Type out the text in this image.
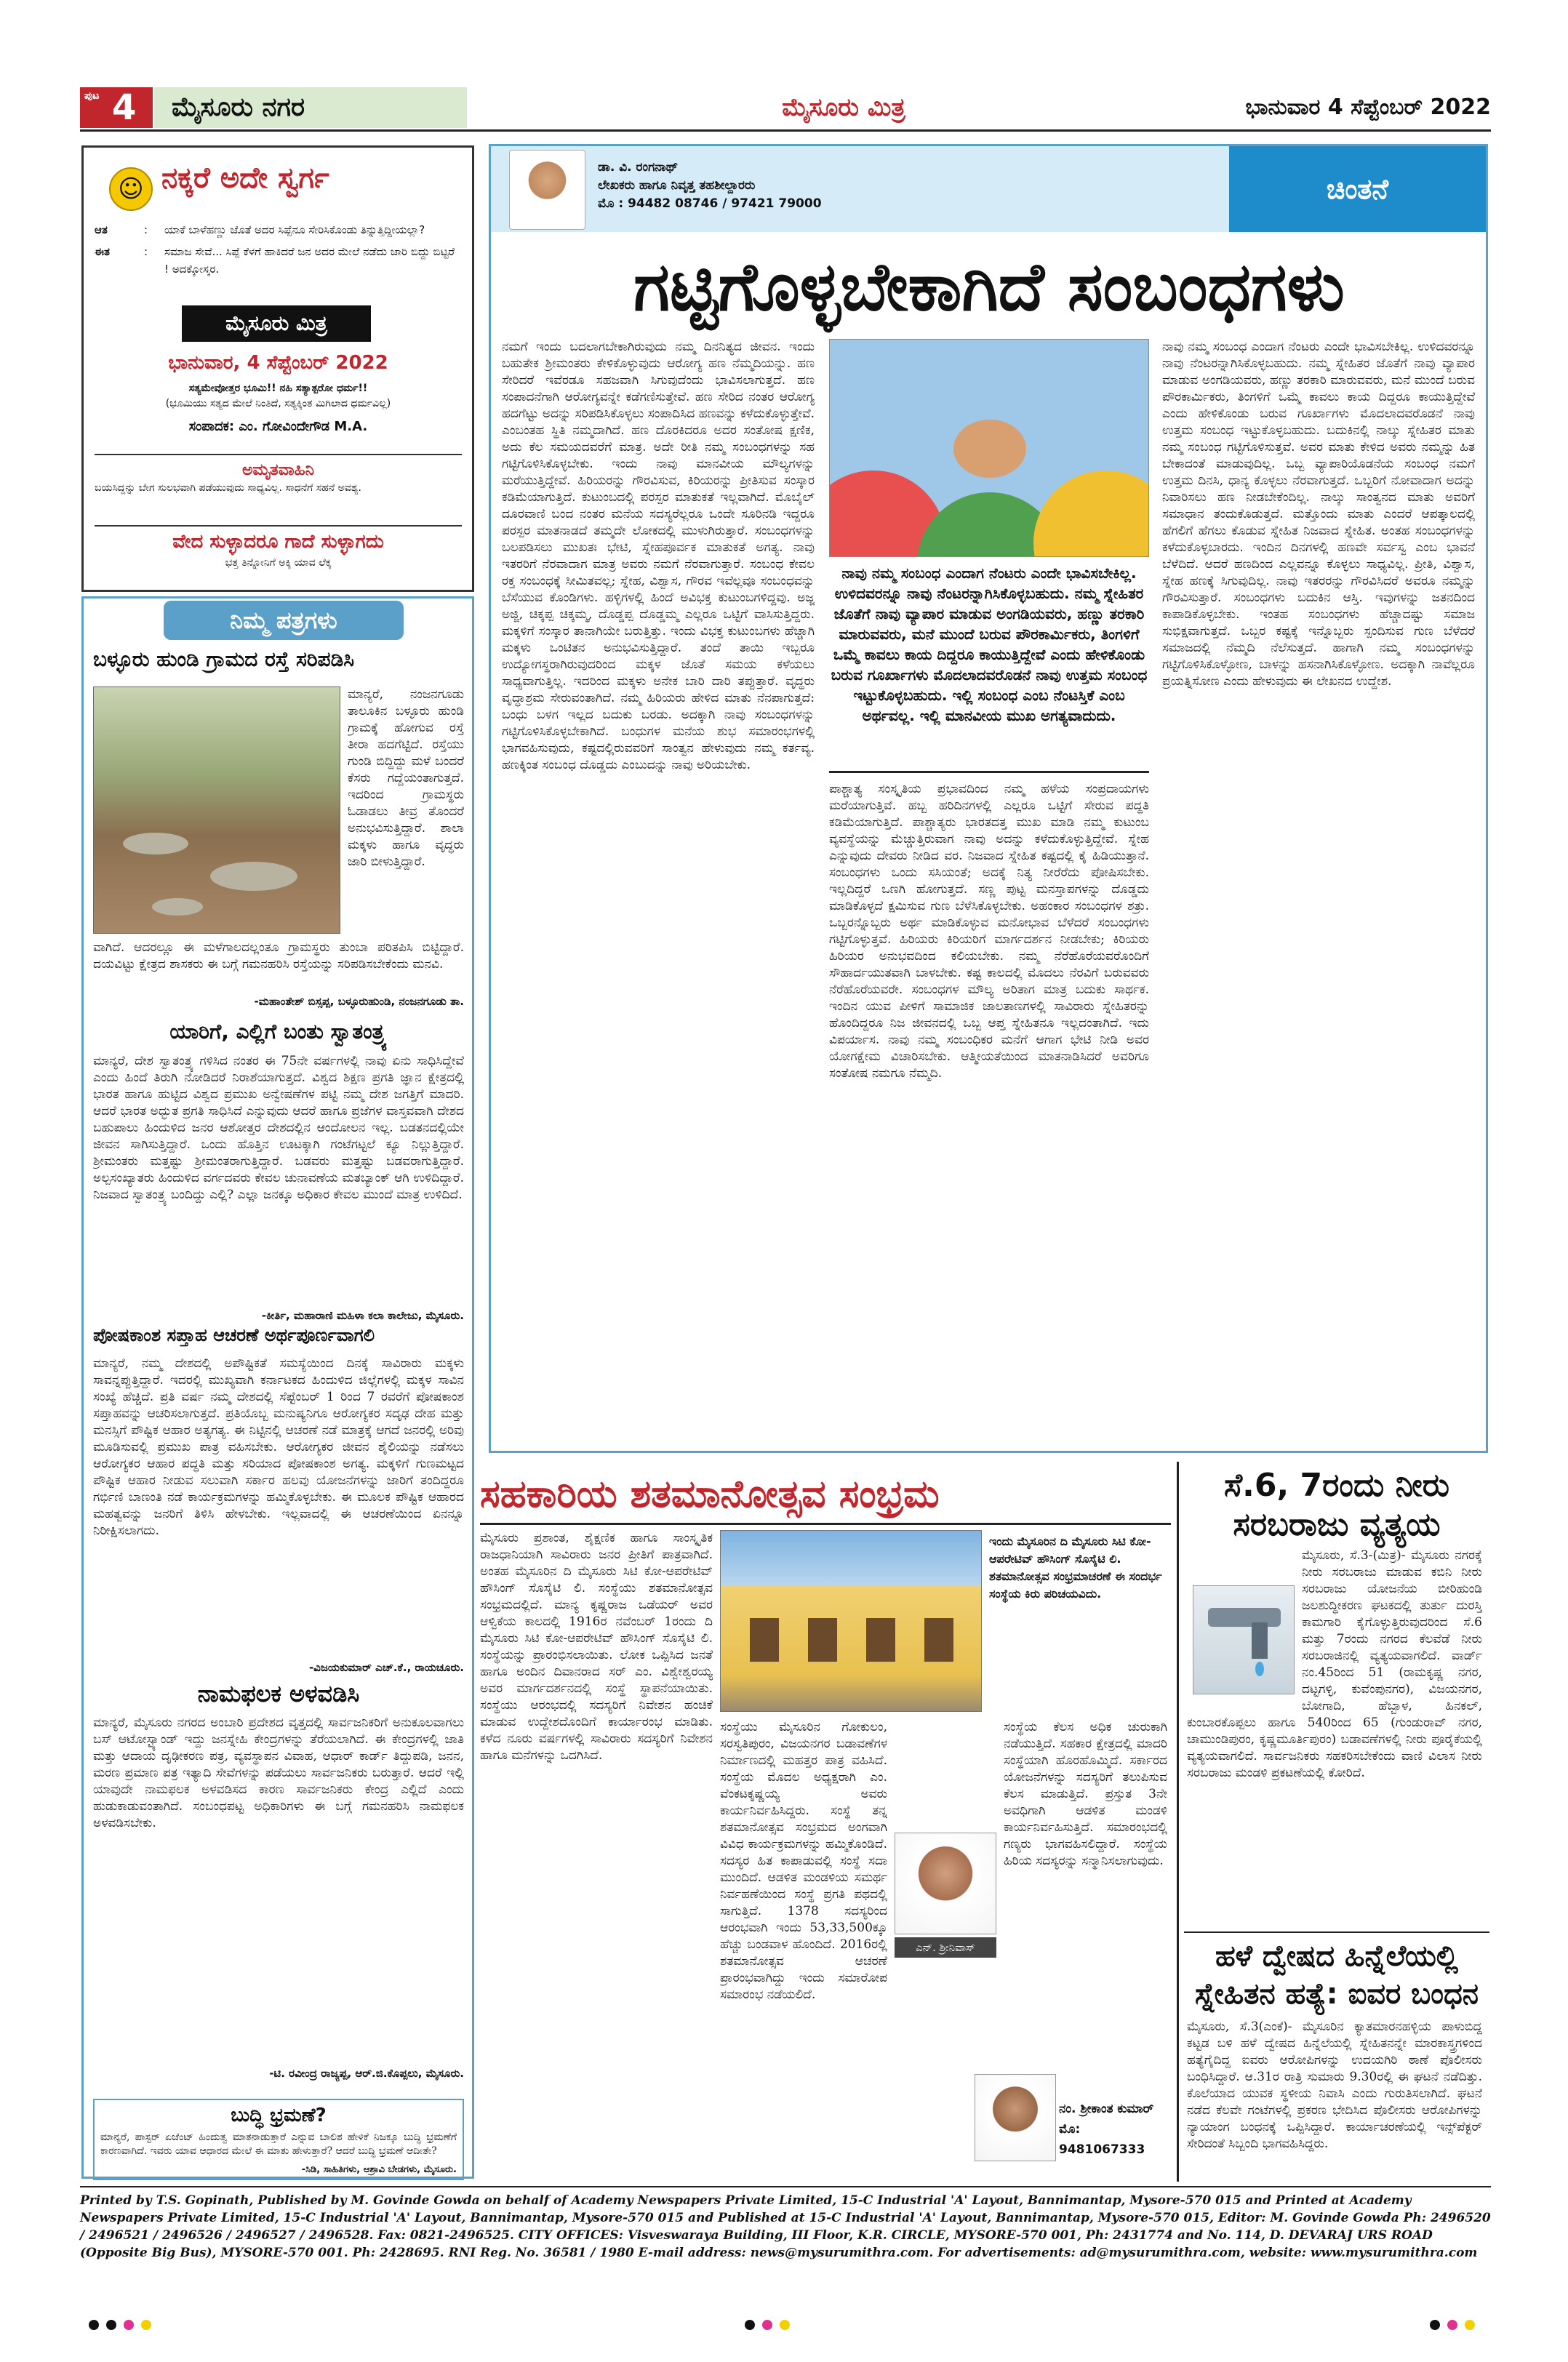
ಪುಟ 4	ಮೈಸೂರು ನಗರ	ಮೈಸೂರು ಮಿತ್ರ	ಭಾನುವಾರ 4 ಸೆಪ್ಟೆಂಬರ್ 2022
☺ ನಕ್ಕರೆ ಅದೇ ಸ್ವರ್ಗ
ಆತ	:	ಯಾಕೆ ಬಾಳೆಹಣ್ಣು ಜೊತೆ ಅದರ ಸಿಪ್ಪೆನೂ ಸೇರಿಸಿಕೊಂಡು ತಿನ್ನುತ್ತಿದ್ದೀಯಲ್ಲಾ?
ಈತ	:	ಸಮಾಜ ಸೇವೆ... ಸಿಪ್ಪೆ ಕೆಳಗೆ ಹಾಕಿದರೆ ಜನ ಅದರ ಮೇಲೆ ನಡೆದು ಜಾರಿ ಬಿದ್ದು ಬಿಟ್ಟರೆ ! ಅದಕ್ಕೋಸ್ಕರ.
ಮೈಸೂರು ಮಿತ್ರ
ಭಾನುವಾರ, 4 ಸೆಪ್ಟೆಂಬರ್ 2022
ಸತ್ಯಮೇವೋತ್ತರ ಭೂಮಿ!! ನಹಿ ಸತ್ಯಾತ್ಪರೋ ಧರ್ಮ!!
(ಭೂಮಿಯು ಸತ್ಯದ ಮೇಲೆ ನಿಂತಿದೆ, ಸತ್ಯಕ್ಕಿಂತ ಮಿಗಿಲಾದ ಧರ್ಮವಿಲ್ಲ)
ಸಂಪಾದಕ: ಎಂ. ಗೋವಿಂದೇಗೌಡ M.A.
ಅಮೃತವಾಹಿನಿ
ಬಯಸಿದ್ದನ್ನು ಬೇಗ ಸುಲಭವಾಗಿ ಪಡೆಯುವುದು ಸಾಧ್ಯವಿಲ್ಲ. ಸಾಧನೆಗೆ ಸಹನೆ ಅವಶ್ಯ.
ವೇದ ಸುಳ್ಳಾದರೂ ಗಾದೆ ಸುಳ್ಳಾಗದು
ಭತ್ತ ತಿನ್ನೋನಿಗೆ ಅಕ್ಕಿ ಯಾವ ಲೆಕ್ಕ
ನಿಮ್ಮ ಪತ್ರಗಳು
ಬಳ್ಳೂರು ಹುಂಡಿ ಗ್ರಾಮದ ರಸ್ತೆ ಸರಿಪಡಿಸಿ
ಮಾನ್ಯರೆ, ನಂಜನಗೂಡು ತಾಲೂಕಿನ ಬಳ್ಳೂರು ಹುಂಡಿ ಗ್ರಾಮಕ್ಕೆ ಹೋಗುವ ರಸ್ತೆ ತೀರಾ ಹದಗೆಟ್ಟಿದೆ. ರಸ್ತೆಯು ಗುಂಡಿ ಬಿದ್ದಿದ್ದು ಮಳೆ ಬಂದರೆ ಕೆಸರು ಗದ್ದೆಯಂತಾಗುತ್ತದೆ. ಇದರಿಂದ ಗ್ರಾಮಸ್ಥರು ಓಡಾಡಲು ತೀವ್ರ ತೊಂದರೆ ಅನುಭವಿಸುತ್ತಿದ್ದಾರೆ. ಶಾಲಾ ಮಕ್ಕಳು ಹಾಗೂ ವೃದ್ಧರು ಜಾರಿ ಬೀಳುತ್ತಿದ್ದಾರೆ.
ವಾಗಿದೆ. ಆದರಲ್ಲೂ ಈ ಮಳೆಗಾಲದಲ್ಲಂತೂ ಗ್ರಾಮಸ್ಥರು ತುಂಬಾ ಪರಿತಪಿಸಿ ಬಿಟ್ಟಿದ್ದಾರೆ. ದಯವಿಟ್ಟು ಕ್ಷೇತ್ರದ ಶಾಸಕರು ಈ ಬಗ್ಗೆ ಗಮನಹರಿಸಿ ರಸ್ತೆಯನ್ನು ಸರಿಪಡಿಸಬೇಕೆಂದು ಮನವಿ.
-ಮಹಾಂತೇಶ್ ಬಿಸ್ಸಪ್ಪ, ಬಳ್ಳೂರುಹುಂಡಿ, ನಂಜನಗೂಡು ತಾ.
ಯಾರಿಗೆ, ಎಲ್ಲಿಗೆ ಬಂತು ಸ್ವಾತಂತ್ರ್ಯ
ಮಾನ್ಯರೆ, ದೇಶ ಸ್ವಾತಂತ್ರ್ಯ ಗಳಿಸಿದ ನಂತರ ಈ 75ನೇ ವರ್ಷಗಳಲ್ಲಿ ನಾವು ಏನು ಸಾಧಿಸಿದ್ದೇವೆ ಎಂದು ಹಿಂದೆ ತಿರುಗಿ ನೋಡಿದರೆ ನಿರಾಶೆಯಾಗುತ್ತದೆ. ವಿಶ್ವದ ಶಿಕ್ಷಣ ಪ್ರಗತಿ ಜ್ಞಾನ ಕ್ಷೇತ್ರದಲ್ಲಿ ಭಾರತ ಹಾಗೂ ಹುಟ್ಟಿದ ವಿಶ್ವದ ಪ್ರಮುಖ ಅನ್ವೇಷಣೆಗಳ ಪಟ್ಟಿ ನಮ್ಮ ದೇಶ ಜಗತ್ತಿಗೆ ಮಾದರಿ. ಆದರೆ ಭಾರತ ಅದ್ಭುತ ಪ್ರಗತಿ ಸಾಧಿಸಿದೆ ಎನ್ನುವುದು ಆದರೆ ಹಾಗೂ ಪ್ರಜೆಗಳ ವಾಸ್ತವವಾಗಿ ದೇಶದ ಬಹುಪಾಲು ಹಿಂದುಳಿದ ಜನರ ಆಶೋತ್ತರ ದೇಶದಲ್ಲಿನ ಆಂದೋಲನ ಇಲ್ಲ. ಬಡತನದಲ್ಲಿಯೇ ಜೀವನ ಸಾಗಿಸುತ್ತಿದ್ದಾರೆ. ಒಂದು ಹೊತ್ತಿನ ಊಟಕ್ಕಾಗಿ ಗಂಟೆಗಟ್ಟಲೆ ಕ್ಯೂ ನಿಲ್ಲುತ್ತಿದ್ದಾರೆ. ಶ್ರೀಮಂತರು ಮತ್ತಷ್ಟು ಶ್ರೀಮಂತರಾಗುತ್ತಿದ್ದಾರೆ. ಬಡವರು ಮತ್ತಷ್ಟು ಬಡವರಾಗುತ್ತಿದ್ದಾರೆ. ಅಲ್ಪಸಂಖ್ಯಾತರು ಹಿಂದುಳಿದ ವರ್ಗದವರು ಕೇವಲ ಚುನಾವಣೆಯ ಮತಬ್ಯಾಂಕ್ ಆಗಿ ಉಳಿದಿದ್ದಾರೆ. ನಿಜವಾದ ಸ್ವಾತಂತ್ರ್ಯ ಬಂದಿದ್ದು ಎಲ್ಲಿ? ಎಲ್ಲಾ ಜನಕ್ಕೂ ಅಧಿಕಾರ ಕೇವಲ ಮುಂದೆ ಮಾತ್ರ ಉಳಿದಿದೆ.
-ಕೀರ್ತಿ, ಮಹಾರಾಣಿ ಮಹಿಳಾ ಕಲಾ ಕಾಲೇಜು, ಮೈಸೂರು.
ಪೋಷಕಾಂಶ ಸಪ್ತಾಹ ಆಚರಣೆ ಅರ್ಥಪೂರ್ಣವಾಗಲಿ
ಮಾನ್ಯರೆ, ನಮ್ಮ ದೇಶದಲ್ಲಿ ಅಪೌಷ್ಟಿಕತೆ ಸಮಸ್ಯೆಯಿಂದ ದಿನಕ್ಕೆ ಸಾವಿರಾರು ಮಕ್ಕಳು ಸಾವನ್ನಪ್ಪುತ್ತಿದ್ದಾರೆ. ಇದರಲ್ಲಿ ಮುಖ್ಯವಾಗಿ ಕರ್ನಾಟಕದ ಹಿಂದುಳಿದ ಜಿಲ್ಲೆಗಳಲ್ಲಿ ಮಕ್ಕಳ ಸಾವಿನ ಸಂಖ್ಯೆ ಹೆಚ್ಚಿದೆ. ಪ್ರತಿ ವರ್ಷ ನಮ್ಮ ದೇಶದಲ್ಲಿ ಸೆಪ್ಟೆಂಬರ್ 1 ರಿಂದ 7 ರವರೆಗೆ ಪೋಷಕಾಂಶ ಸಪ್ತಾಹವನ್ನು ಆಚರಿಸಲಾಗುತ್ತದೆ. ಪ್ರತಿಯೊಬ್ಬ ಮನುಷ್ಯನಿಗೂ ಆರೋಗ್ಯಕರ ಸದೃಢ ದೇಹ ಮತ್ತು ಮನಸ್ಸಿಗೆ ಪೌಷ್ಟಿಕ ಆಹಾರ ಅತ್ಯಗತ್ಯ. ಈ ನಿಟ್ಟಿನಲ್ಲಿ ಆಚರಣೆ ನಡೆ ಮಾತ್ರಕ್ಕೆ ಆಗದೆ ಜನರಲ್ಲಿ ಅರಿವು ಮೂಡಿಸುವಲ್ಲಿ ಪ್ರಮುಖ ಪಾತ್ರ ವಹಿಸಬೇಕು. ಆರೋಗ್ಯಕರ ಜೀವನ ಶೈಲಿಯನ್ನು ನಡೆಸಲು ಆರೋಗ್ಯಕರ ಆಹಾರ ಪದ್ಧತಿ ಮತ್ತು ಸರಿಯಾದ ಪೋಷಕಾಂಶ ಅಗತ್ಯ. ಮಕ್ಕಳಿಗೆ ಗುಣಮಟ್ಟದ ಪೌಷ್ಟಿಕ ಆಹಾರ ನೀಡುವ ಸಲುವಾಗಿ ಸರ್ಕಾರ ಹಲವು ಯೋಜನೆಗಳನ್ನು ಜಾರಿಗೆ ತಂದಿದ್ದರೂ ಗರ್ಭಿಣಿ ಬಾಣಂತಿ ನಡೆ ಕಾರ್ಯಕ್ರಮಗಳನ್ನು ಹಮ್ಮಿಕೊಳ್ಳಬೇಕು. ಈ ಮೂಲಕ ಪೌಷ್ಟಿಕ ಆಹಾರದ ಮಹತ್ವವನ್ನು ಜನರಿಗೆ ತಿಳಿಸಿ ಹೇಳಬೇಕು. ಇಲ್ಲವಾದಲ್ಲಿ ಈ ಆಚರಣೆಯಿಂದ ಏನನ್ನೂ ನಿರೀಕ್ಷಿಸಲಾಗದು.
-ವಿಜಯಕುಮಾರ್ ಎಚ್.ಕೆ., ರಾಯಚೂರು.
ನಾಮಫಲಕ ಅಳವಡಿಸಿ
ಮಾನ್ಯರೆ, ಮೈಸೂರು ನಗರದ ಅಂಬಾರಿ ಪ್ರದೇಶದ ವೃತ್ತದಲ್ಲಿ ಸಾರ್ವಜನಿಕರಿಗೆ ಅನುಕೂಲವಾಗಲು ಬಸ್ ಆಟೋಸ್ಟ್ಯಾಂಡ್ ಇದ್ದು ಜನಸ್ನೇಹಿ ಕೇಂದ್ರಗಳನ್ನು ತೆರೆಯಲಾಗಿದೆ. ಈ ಕೇಂದ್ರಗಳಲ್ಲಿ ಜಾತಿ ಮತ್ತು ಆದಾಯ ದೃಢೀಕರಣ ಪತ್ರ, ವ್ಯವಸ್ಥಾಪನ ವಿವಾಹ, ಆಧಾರ್ ಕಾರ್ಡ್ ತಿದ್ದುಪಡಿ, ಜನನ, ಮರಣ ಪ್ರಮಾಣ ಪತ್ರ ಇತ್ಯಾದಿ ಸೇವೆಗಳನ್ನು ಪಡೆಯಲು ಸಾರ್ವಜನಿಕರು ಬರುತ್ತಾರೆ. ಆದರೆ ಇಲ್ಲಿ ಯಾವುದೇ ನಾಮಫಲಕ ಅಳವಡಿಸದ ಕಾರಣ ಸಾರ್ವಜನಿಕರು ಕೇಂದ್ರ ಎಲ್ಲಿದೆ ಎಂದು ಹುಡುಕಾಡುವಂತಾಗಿದೆ. ಸಂಬಂಧಪಟ್ಟ ಅಧಿಕಾರಿಗಳು ಈ ಬಗ್ಗೆ ಗಮನಹರಿಸಿ ನಾಮಫಲಕ ಅಳವಡಿಸಬೇಕು.
-ಟಿ. ರವೀಂದ್ರ ರಾಜ್ಯಪ್ಪ, ಆರ್.ಜಿ.ಕೊಪ್ಪಲು, ಮೈಸೂರು.
ಬುದ್ಧಿ ಭ್ರಮಣೆ?
ಮಾನ್ಯರೆ, ಪಾಸ್ಟರ್ ಏಜೆಂಟ್ ಹಿಂದುತ್ವ ಮಾತನಾಡುತ್ತಾರೆ ಎನ್ನುವ ಬಾಲಿಶ ಹೇಳಿಕೆ ನಿಜಕ್ಕೂ ಬುದ್ಧಿ ಭ್ರಮಣೆಗೆ ಕಾರಣವಾಗಿದೆ. ಇವರು ಯಾವ ಆಧಾರದ ಮೇಲೆ ಈ ಮಾತು ಹೇಳುತ್ತಾರೆ? ಆದರೆ ಬುದ್ಧಿ ಭ್ರಮಣೆ ಆದೀತೇ?
-ಸಿಡಿ, ಸಾಹಿತಿಗಳು, ಆಶ್ರಾವಿ ಬೇಡಗಳು, ಮೈಸೂರು.
ಡಾ. ವಿ. ರಂಗನಾಥ್
ಲೇಖಕರು ಹಾಗೂ ನಿವೃತ್ತ ತಹಶೀಲ್ದಾರರು
ಮೊ : 94482 08746 / 97421 79000	ಚಿಂತನೆ
ಗಟ್ಟಿಗೊಳ್ಳಬೇಕಾಗಿದೆ ಸಂಬಂಧಗಳು
ನಮಗೆ ಇಂದು ಬದಲಾಗಬೇಕಾಗಿರುವುದು ನಮ್ಮ ದಿನನಿತ್ಯದ ಜೀವನ. ಇಂದು ಬಹುತೇಕ ಶ್ರೀಮಂತರು ಕೇಳಿಕೊಳ್ಳುವುದು ಆರೋಗ್ಯ ಹಣ ನೆಮ್ಮದಿಯನ್ನು. ಹಣ ಸೇರಿದರೆ ಇವೆರಡೂ ಸಹಜವಾಗಿ ಸಿಗುವುದೆಂದು ಭಾವಿಸಲಾಗುತ್ತದೆ. ಹಣ ಸಂಪಾದನೆಗಾಗಿ ಆರೋಗ್ಯವನ್ನೇ ಕಡೆಗಣಿಸುತ್ತೇವೆ. ಹಣ ಸೇರಿದ ನಂತರ ಆರೋಗ್ಯ ಹದಗೆಟ್ಟು ಅದನ್ನು ಸರಿಪಡಿಸಿಕೊಳ್ಳಲು ಸಂಪಾದಿಸಿದ ಹಣವನ್ನು ಕಳೆದುಕೊಳ್ಳುತ್ತೇವೆ. ಎಂಬಂತಹ ಸ್ಥಿತಿ ನಮ್ಮದಾಗಿದೆ. ಹಣ ದೊರಕಿದರೂ ಅದರ ಸಂತೋಷ ಕ್ಷಣಿಕ, ಅದು ಕೆಲ ಸಮಯದವರೆಗೆ ಮಾತ್ರ. ಅದೇ ರೀತಿ ನಮ್ಮ ಸಂಬಂಧಗಳನ್ನು ಸಹ ಗಟ್ಟಿಗೊಳಿಸಿಕೊಳ್ಳಬೇಕು. ಇಂದು ನಾವು ಮಾನವೀಯ ಮೌಲ್ಯಗಳನ್ನು ಮರೆಯುತ್ತಿದ್ದೇವೆ. ಹಿರಿಯರನ್ನು ಗೌರವಿಸುವ, ಕಿರಿಯರನ್ನು ಪ್ರೀತಿಸುವ ಸಂಸ್ಕಾರ ಕಡಿಮೆಯಾಗುತ್ತಿದೆ. ಕುಟುಂಬದಲ್ಲಿ ಪರಸ್ಪರ ಮಾತುಕತೆ ಇಲ್ಲವಾಗಿದೆ. ಮೊಬೈಲ್ ದೂರವಾಣಿ ಬಂದ ನಂತರ ಮನೆಯ ಸದಸ್ಯರೆಲ್ಲರೂ ಒಂದೇ ಸೂರಿನಡಿ ಇದ್ದರೂ ಪರಸ್ಪರ ಮಾತನಾಡದೆ ತಮ್ಮದೇ ಲೋಕದಲ್ಲಿ ಮುಳುಗಿರುತ್ತಾರೆ. ಸಂಬಂಧಗಳನ್ನು ಬಲಪಡಿಸಲು ಮುಖತಃ ಭೇಟಿ, ಸ್ನೇಹಪೂರ್ವಕ ಮಾತುಕತೆ ಅಗತ್ಯ. ನಾವು ಇತರರಿಗೆ ನೆರವಾದಾಗ ಮಾತ್ರ ಅವರು ನಮಗೆ ನೆರವಾಗುತ್ತಾರೆ. ಸಂಬಂಧ ಕೇವಲ ರಕ್ತ ಸಂಬಂಧಕ್ಕೆ ಸೀಮಿತವಲ್ಲ; ಸ್ನೇಹ, ವಿಶ್ವಾಸ, ಗೌರವ ಇವೆಲ್ಲವೂ ಸಂಬಂಧವನ್ನು ಬೆಸೆಯುವ ಕೊಂಡಿಗಳು. ಹಳ್ಳಿಗಳಲ್ಲಿ ಹಿಂದೆ ಅವಿಭಕ್ತ ಕುಟುಂಬಗಳಿದ್ದವು. ಅಜ್ಜ ಅಜ್ಜಿ, ಚಿಕ್ಕಪ್ಪ ಚಿಕ್ಕಮ್ಮ, ದೊಡ್ಡಪ್ಪ ದೊಡ್ಡಮ್ಮ ಎಲ್ಲರೂ ಒಟ್ಟಿಗೆ ವಾಸಿಸುತ್ತಿದ್ದರು. ಮಕ್ಕಳಿಗೆ ಸಂಸ್ಕಾರ ತಾನಾಗಿಯೇ ಬರುತ್ತಿತ್ತು. ಇಂದು ವಿಭಕ್ತ ಕುಟುಂಬಗಳು ಹೆಚ್ಚಾಗಿ ಮಕ್ಕಳು ಒಂಟಿತನ ಅನುಭವಿಸುತ್ತಿದ್ದಾರೆ. ತಂದೆ ತಾಯಿ ಇಬ್ಬರೂ ಉದ್ಯೋಗಸ್ಥರಾಗಿರುವುದರಿಂದ ಮಕ್ಕಳ ಜೊತೆ ಸಮಯ ಕಳೆಯಲು ಸಾಧ್ಯವಾಗುತ್ತಿಲ್ಲ. ಇದರಿಂದ ಮಕ್ಕಳು ಅನೇಕ ಬಾರಿ ದಾರಿ ತಪ್ಪುತ್ತಾರೆ. ವೃದ್ಧರು ವೃದ್ಧಾಶ್ರಮ ಸೇರುವಂತಾಗಿದೆ. ನಮ್ಮ ಹಿರಿಯರು ಹೇಳಿದ ಮಾತು ನೆನಪಾಗುತ್ತದೆ: ಬಂಧು ಬಳಗ ಇಲ್ಲದ ಬದುಕು ಬರಡು. ಅದಕ್ಕಾಗಿ ನಾವು ಸಂಬಂಧಗಳನ್ನು ಗಟ್ಟಿಗೊಳಿಸಿಕೊಳ್ಳಬೇಕಾಗಿದೆ. ಬಂಧುಗಳ ಮನೆಯ ಶುಭ ಸಮಾರಂಭಗಳಲ್ಲಿ ಭಾಗವಹಿಸುವುದು, ಕಷ್ಟದಲ್ಲಿರುವವರಿಗೆ ಸಾಂತ್ವನ ಹೇಳುವುದು ನಮ್ಮ ಕರ್ತವ್ಯ. ಹಣಕ್ಕಿಂತ ಸಂಬಂಧ ದೊಡ್ಡದು ಎಂಬುದನ್ನು ನಾವು ಅರಿಯಬೇಕು.
ನಾವು ನಮ್ಮ ಸಂಬಂಧ ಎಂದಾಗ ನೆಂಟರು ಎಂದೇ ಭಾವಿಸಬೇಕಿಲ್ಲ. ಉಳಿದವರನ್ನೂ ನಾವು ನೆಂಟರನ್ನಾಗಿಸಿಕೊಳ್ಳಬಹುದು. ನಮ್ಮ ಸ್ನೇಹಿತರ ಜೊತೆಗೆ ನಾವು ವ್ಯಾಪಾರ ಮಾಡುವ ಅಂಗಡಿಯವರು, ಹಣ್ಣು ತರಕಾರಿ ಮಾರುವವರು, ಮನೆ ಮುಂದೆ ಬರುವ ಪೌರಕಾರ್ಮಿಕರು, ತಿಂಗಳಿಗೆ ಒಮ್ಮೆ ಕಾವಲು ಕಾಯ ದಿದ್ದರೂ ಕಾಯುತ್ತಿದ್ದೇವೆ ಎಂದು ಹೇಳಿಕೊಂಡು ಬರುವ ಗೂರ್ಖಾಗಳು ಮೊದಲಾದವರೊಡನೆ ನಾವು ಉತ್ತಮ ಸಂಬಂಧ ಇಟ್ಟುಕೊಳ್ಳಬಹುದು. ಇಲ್ಲಿ ಸಂಬಂಧ ಎಂಬ ನೆಂಟಸ್ತಿಕೆ ಎಂಬ ಅರ್ಥವಲ್ಲ. ಇಲ್ಲಿ ಮಾನವೀಯ ಮುಖ ಅಗತ್ಯವಾದುದು.
ಪಾಶ್ಚಾತ್ಯ ಸಂಸ್ಕೃತಿಯ ಪ್ರಭಾವದಿಂದ ನಮ್ಮ ಹಳೆಯ ಸಂಪ್ರದಾಯಗಳು ಮರೆಯಾಗುತ್ತಿವೆ. ಹಬ್ಬ ಹರಿದಿನಗಳಲ್ಲಿ ಎಲ್ಲರೂ ಒಟ್ಟಿಗೆ ಸೇರುವ ಪದ್ಧತಿ ಕಡಿಮೆಯಾಗುತ್ತಿದೆ. ಪಾಶ್ಚಾತ್ಯರು ಭಾರತದತ್ತ ಮುಖ ಮಾಡಿ ನಮ್ಮ ಕುಟುಂಬ ವ್ಯವಸ್ಥೆಯನ್ನು ಮೆಚ್ಚುತ್ತಿರುವಾಗ ನಾವು ಅದನ್ನು ಕಳೆದುಕೊಳ್ಳುತ್ತಿದ್ದೇವೆ. ಸ್ನೇಹ ಎನ್ನುವುದು ದೇವರು ನೀಡಿದ ವರ. ನಿಜವಾದ ಸ್ನೇಹಿತ ಕಷ್ಟದಲ್ಲಿ ಕೈ ಹಿಡಿಯುತ್ತಾನೆ. ಸಂಬಂಧಗಳು ಒಂದು ಸಸಿಯಂತೆ; ಅದಕ್ಕೆ ನಿತ್ಯ ನೀರೆರೆದು ಪೋಷಿಸಬೇಕು. ಇಲ್ಲದಿದ್ದರೆ ಒಣಗಿ ಹೋಗುತ್ತದೆ. ಸಣ್ಣ ಪುಟ್ಟ ಮನಸ್ತಾಪಗಳನ್ನು ದೊಡ್ಡದು ಮಾಡಿಕೊಳ್ಳದೆ ಕ್ಷಮಿಸುವ ಗುಣ ಬೆಳೆಸಿಕೊಳ್ಳಬೇಕು. ಅಹಂಕಾರ ಸಂಬಂಧಗಳ ಶತ್ರು. ಒಬ್ಬರನ್ನೊಬ್ಬರು ಅರ್ಥ ಮಾಡಿಕೊಳ್ಳುವ ಮನೋಭಾವ ಬೆಳೆದರೆ ಸಂಬಂಧಗಳು ಗಟ್ಟಿಗೊಳ್ಳುತ್ತವೆ. ಹಿರಿಯರು ಕಿರಿಯರಿಗೆ ಮಾರ್ಗದರ್ಶನ ನೀಡಬೇಕು; ಕಿರಿಯರು ಹಿರಿಯರ ಅನುಭವದಿಂದ ಕಲಿಯಬೇಕು. ನಮ್ಮ ನೆರೆಹೊರೆಯವರೊಂದಿಗೆ ಸೌಹಾರ್ದಯುತವಾಗಿ ಬಾಳಬೇಕು. ಕಷ್ಟ ಕಾಲದಲ್ಲಿ ಮೊದಲು ನೆರವಿಗೆ ಬರುವವರು ನೆರೆಹೊರೆಯವರೇ. ಸಂಬಂಧಗಳ ಮೌಲ್ಯ ಅರಿತಾಗ ಮಾತ್ರ ಬದುಕು ಸಾರ್ಥಕ. ಇಂದಿನ ಯುವ ಪೀಳಿಗೆ ಸಾಮಾಜಿಕ ಜಾಲತಾಣಗಳಲ್ಲಿ ಸಾವಿರಾರು ಸ್ನೇಹಿತರನ್ನು ಹೊಂದಿದ್ದರೂ ನಿಜ ಜೀವನದಲ್ಲಿ ಒಬ್ಬ ಆಪ್ತ ಸ್ನೇಹಿತನೂ ಇಲ್ಲದಂತಾಗಿದೆ. ಇದು ವಿಪರ್ಯಾಸ. ನಾವು ನಮ್ಮ ಸಂಬಂಧಿಕರ ಮನೆಗೆ ಆಗಾಗ ಭೇಟಿ ನೀಡಿ ಅವರ ಯೋಗಕ್ಷೇಮ ವಿಚಾರಿಸಬೇಕು. ಆತ್ಮೀಯತೆಯಿಂದ ಮಾತನಾಡಿಸಿದರೆ ಅವರಿಗೂ ಸಂತೋಷ ನಮಗೂ ನೆಮ್ಮದಿ.
ನಾವು ನಮ್ಮ ಸಂಬಂಧ ಎಂದಾಗ ನೆಂಟರು ಎಂದೇ ಭಾವಿಸಬೇಕಿಲ್ಲ. ಉಳಿದವರನ್ನೂ ನಾವು ನೆಂಟರನ್ನಾಗಿಸಿಕೊಳ್ಳಬಹುದು. ನಮ್ಮ ಸ್ನೇಹಿತರ ಜೊತೆಗೆ ನಾವು ವ್ಯಾಪಾರ ಮಾಡುವ ಅಂಗಡಿಯವರು, ಹಣ್ಣು ತರಕಾರಿ ಮಾರುವವರು, ಮನೆ ಮುಂದೆ ಬರುವ ಪೌರಕಾರ್ಮಿಕರು, ತಿಂಗಳಿಗೆ ಒಮ್ಮೆ ಕಾವಲು ಕಾಯ ದಿದ್ದರೂ ಕಾಯುತ್ತಿದ್ದೇವೆ ಎಂದು ಹೇಳಿಕೊಂಡು ಬರುವ ಗೂರ್ಖಾಗಳು ಮೊದಲಾದವರೊಡನೆ ನಾವು ಉತ್ತಮ ಸಂಬಂಧ ಇಟ್ಟುಕೊಳ್ಳಬಹುದು. ಬದುಕಿನಲ್ಲಿ ನಾಲ್ಕು ಸ್ನೇಹಿತರ ಮಾತು ನಮ್ಮ ಸಂಬಂಧ ಗಟ್ಟಿಗೊಳಿಸುತ್ತವೆ. ಅವರ ಮಾತು ಕೇಳಿದ ಅವರು ನಮ್ಮನ್ನು ಹಿತ ಬೇಕಾದಂತೆ ಮಾಡುವುದಿಲ್ಲ. ಒಬ್ಬ ವ್ಯಾಪಾರಿಯೊಡನೆಯ ಸಂಬಂಧ ನಮಗೆ ಉತ್ತಮ ದಿನಸಿ, ಧಾನ್ಯ ಕೊಳ್ಳಲು ನೆರವಾಗುತ್ತದೆ. ಒಬ್ಬರಿಗೆ ನೋವಾದಾಗ ಅದನ್ನು ನಿವಾರಿಸಲು ಹಣ ನೀಡಬೇಕೆಂದಿಲ್ಲ. ನಾಲ್ಕು ಸಾಂತ್ವನದ ಮಾತು ಅವರಿಗೆ ಸಮಾಧಾನ ತಂದುಕೊಡುತ್ತದೆ. ಮತ್ತೊಂದು ಮಾತು ಎಂದರೆ ಆಪತ್ಕಾಲದಲ್ಲಿ ಹೆಗಲಿಗೆ ಹೆಗಲು ಕೊಡುವ ಸ್ನೇಹಿತ ನಿಜವಾದ ಸ್ನೇಹಿತ. ಅಂತಹ ಸಂಬಂಧಗಳನ್ನು ಕಳೆದುಕೊಳ್ಳಬಾರದು. ಇಂದಿನ ದಿನಗಳಲ್ಲಿ ಹಣವೇ ಸರ್ವಸ್ವ ಎಂಬ ಭಾವನೆ ಬೆಳೆದಿದೆ. ಆದರೆ ಹಣದಿಂದ ಎಲ್ಲವನ್ನೂ ಕೊಳ್ಳಲು ಸಾಧ್ಯವಿಲ್ಲ. ಪ್ರೀತಿ, ವಿಶ್ವಾಸ, ಸ್ನೇಹ ಹಣಕ್ಕೆ ಸಿಗುವುದಿಲ್ಲ. ನಾವು ಇತರರನ್ನು ಗೌರವಿಸಿದರೆ ಅವರೂ ನಮ್ಮನ್ನು ಗೌರವಿಸುತ್ತಾರೆ. ಸಂಬಂಧಗಳು ಬದುಕಿನ ಆಸ್ತಿ. ಇವುಗಳನ್ನು ಜತನದಿಂದ ಕಾಪಾಡಿಕೊಳ್ಳಬೇಕು. ಇಂತಹ ಸಂಬಂಧಗಳು ಹೆಚ್ಚಾದಷ್ಟು ಸಮಾಜ ಸುಭಿಕ್ಷವಾಗುತ್ತದೆ. ಒಬ್ಬರ ಕಷ್ಟಕ್ಕೆ ಇನ್ನೊಬ್ಬರು ಸ್ಪಂದಿಸುವ ಗುಣ ಬೆಳೆದರೆ ಸಮಾಜದಲ್ಲಿ ನೆಮ್ಮದಿ ನೆಲೆಸುತ್ತದೆ. ಹಾಗಾಗಿ ನಮ್ಮ ಸಂಬಂಧಗಳನ್ನು ಗಟ್ಟಿಗೊಳಿಸಿಕೊಳ್ಳೋಣ, ಬಾಳನ್ನು ಹಸನಾಗಿಸಿಕೊಳ್ಳೋಣ. ಅದಕ್ಕಾಗಿ ನಾವೆಲ್ಲರೂ ಪ್ರಯತ್ನಿಸೋಣ ಎಂದು ಹೇಳುವುದು ಈ ಲೇಖನದ ಉದ್ದೇಶ.
ಸಹಕಾರಿಯ ಶತಮಾನೋತ್ಸವ ಸಂಭ್ರಮ
ಮೈಸೂರು ಪ್ರಶಾಂತ, ಶೈಕ್ಷಣಿಕ ಹಾಗೂ ಸಾಂಸ್ಕೃತಿಕ ರಾಜಧಾನಿಯಾಗಿ ಸಾವಿರಾರು ಜನರ ಪ್ರೀತಿಗೆ ಪಾತ್ರವಾಗಿದೆ. ಅಂತಹ ಮೈಸೂರಿನ ದಿ ಮೈಸೂರು ಸಿಟಿ ಕೋ-ಆಪರೇಟಿವ್ ಹೌಸಿಂಗ್ ಸೊಸೈಟಿ ಲಿ. ಸಂಸ್ಥೆಯು ಶತಮಾನೋತ್ಸವ ಸಂಭ್ರಮದಲ್ಲಿದೆ. ಮಾನ್ಯ ಕೃಷ್ಣರಾಜ ಒಡೆಯರ್ ಅವರ ಆಳ್ವಿಕೆಯ ಕಾಲದಲ್ಲಿ 1916ರ ನವೆಂಬರ್ 1ರಂದು ದಿ ಮೈಸೂರು ಸಿಟಿ ಕೋ-ಆಪರೇಟಿವ್ ಹೌಸಿಂಗ್ ಸೊಸೈಟಿ ಲಿ. ಸಂಸ್ಥೆಯನ್ನು ಪ್ರಾರಂಭಿಸಲಾಯಿತು. ಲೋಕ ಒಪ್ಪಿಸಿದ ಜನತೆ ಹಾಗೂ ಅಂದಿನ ದಿವಾನರಾದ ಸರ್ ಎಂ. ವಿಶ್ವೇಶ್ವರಯ್ಯ ಅವರ ಮಾರ್ಗದರ್ಶನದಲ್ಲಿ ಸಂಸ್ಥೆ ಸ್ಥಾಪನೆಯಾಯಿತು. ಸಂಸ್ಥೆಯು ಆರಂಭದಲ್ಲಿ ಸದಸ್ಯರಿಗೆ ನಿವೇಶನ ಹಂಚಿಕೆ ಮಾಡುವ ಉದ್ದೇಶದೊಂದಿಗೆ ಕಾರ್ಯಾರಂಭ ಮಾಡಿತು. ಕಳೆದ ನೂರು ವರ್ಷಗಳಲ್ಲಿ ಸಾವಿರಾರು ಸದಸ್ಯರಿಗೆ ನಿವೇಶನ ಹಾಗೂ ಮನೆಗಳನ್ನು ಒದಗಿಸಿದೆ.
ಇಂದು ಮೈಸೂರಿನ ದಿ ಮೈಸೂರು ಸಿಟಿ ಕೋ-ಆಪರೇಟಿವ್ ಹೌಸಿಂಗ್ ಸೊಸೈಟಿ ಲಿ. ಶತಮಾನೋತ್ಸವ ಸಂಭ್ರಮಾಚರಣೆ ಈ ಸಂದರ್ಭ ಸಂಸ್ಥೆಯ ಕಿರು ಪರಿಚಯವಿದು.
ಸಂಸ್ಥೆಯು ಮೈಸೂರಿನ ಗೋಕುಲಂ, ಸರಸ್ವತಿಪುರಂ, ವಿಜಯನಗರ ಬಡಾವಣೆಗಳ ನಿರ್ಮಾಣದಲ್ಲಿ ಮಹತ್ತರ ಪಾತ್ರ ವಹಿಸಿದೆ. ಸಂಸ್ಥೆಯ ಮೊದಲ ಅಧ್ಯಕ್ಷರಾಗಿ ಎಂ. ವೆಂಕಟಕೃಷ್ಣಯ್ಯ ಅವರು ಕಾರ್ಯನಿರ್ವಹಿಸಿದ್ದರು. ಸಂಸ್ಥೆ ತನ್ನ ಶತಮಾನೋತ್ಸವ ಸಂಭ್ರಮದ ಅಂಗವಾಗಿ ವಿವಿಧ ಕಾರ್ಯಕ್ರಮಗಳನ್ನು ಹಮ್ಮಿಕೊಂಡಿದೆ. ಸದಸ್ಯರ ಹಿತ ಕಾಪಾಡುವಲ್ಲಿ ಸಂಸ್ಥೆ ಸದಾ ಮುಂದಿದೆ. ಆಡಳಿತ ಮಂಡಳಿಯ ಸಮರ್ಥ ನಿರ್ವಹಣೆಯಿಂದ ಸಂಸ್ಥೆ ಪ್ರಗತಿ ಪಥದಲ್ಲಿ ಸಾಗುತ್ತಿದೆ. 1378 ಸದಸ್ಯರಿಂದ ಆರಂಭವಾಗಿ ಇಂದು 53,33,500ಕ್ಕೂ ಹೆಚ್ಚು ಬಂಡವಾಳ ಹೊಂದಿದೆ. 2016ರಲ್ಲಿ ಶತಮಾನೋತ್ಸವ ಆಚರಣೆ ಪ್ರಾರಂಭವಾಗಿದ್ದು ಇಂದು ಸಮಾರೋಪ ಸಮಾರಂಭ ನಡೆಯಲಿದೆ.
ಎನ್. ಶ್ರೀನಿವಾಸ್
ಸಂಸ್ಥೆಯ ಕೆಲಸ ಅಧಿಕ ಚುರುಕಾಗಿ ನಡೆಯುತ್ತಿದೆ. ಸಹಕಾರ ಕ್ಷೇತ್ರದಲ್ಲಿ ಮಾದರಿ ಸಂಸ್ಥೆಯಾಗಿ ಹೊರಹೊಮ್ಮಿದೆ. ಸರ್ಕಾರದ ಯೋಜನೆಗಳನ್ನು ಸದಸ್ಯರಿಗೆ ತಲುಪಿಸುವ ಕೆಲಸ ಮಾಡುತ್ತಿದೆ. ಪ್ರಸ್ತುತ 3ನೇ ಅವಧಿಗಾಗಿ ಆಡಳಿತ ಮಂಡಳಿ ಕಾರ್ಯನಿರ್ವಹಿಸುತ್ತಿದೆ. ಸಮಾರಂಭದಲ್ಲಿ ಗಣ್ಯರು ಭಾಗವಹಿಸಲಿದ್ದಾರೆ. ಸಂಸ್ಥೆಯ ಹಿರಿಯ ಸದಸ್ಯರನ್ನು ಸನ್ಮಾನಿಸಲಾಗುವುದು.
ನಂ. ಶ್ರೀಕಾಂತ ಕುಮಾರ್
ಮೊ: 9481067333
ಸೆ.6, 7ರಂದು ನೀರು ಸರಬರಾಜು ವ್ಯತ್ಯಯ
ಮೈಸೂರು, ಸೆ.3-(ಮಿತ್ರ)- ಮೈಸೂರು ನಗರಕ್ಕೆ ನೀರು ಸರಬರಾಜು ಮಾಡುವ ಕಬಿನಿ ನೀರು ಸರಬರಾಜು ಯೋಜನೆಯ ಬೀರಿಹುಂಡಿ ಜಲಶುದ್ಧೀಕರಣ ಘಟಕದಲ್ಲಿ ತುರ್ತು ದುರಸ್ತಿ ಕಾಮಗಾರಿ ಕೈಗೊಳ್ಳುತ್ತಿರುವುದರಿಂದ ಸೆ.6 ಮತ್ತು 7ರಂದು ನಗರದ ಕೆಲವೆಡೆ ನೀರು ಸರಬರಾಜಿನಲ್ಲಿ ವ್ಯತ್ಯಯವಾಗಲಿದೆ. ವಾರ್ಡ್ ನಂ.45ರಿಂದ 51 (ರಾಮಕೃಷ್ಣ ನಗರ, ದಟ್ಟಗಳ್ಳಿ, ಕುವೆಂಪುನಗರ), ವಿಜಯನಗರ, ಬೋಗಾದಿ, ಹೆಬ್ಬಾಳ, ಹಿನಕಲ್, ಕುಂಬಾರಕೊಪ್ಪಲು ಹಾಗೂ 540ರಿಂದ 65 (ಗುಂಡುರಾವ್ ನಗರ, ಚಾಮುಂಡಿಪುರಂ, ಕೃಷ್ಣಮೂರ್ತಿಪುರಂ) ಬಡಾವಣೆಗಳಲ್ಲಿ ನೀರು ಪೂರೈಕೆಯಲ್ಲಿ ವ್ಯತ್ಯಯವಾಗಲಿದೆ. ಸಾರ್ವಜನಿಕರು ಸಹಕರಿಸಬೇಕೆಂದು ವಾಣಿ ವಿಲಾಸ ನೀರು ಸರಬರಾಜು ಮಂಡಳಿ ಪ್ರಕಟಣೆಯಲ್ಲಿ ಕೋರಿದೆ.
ಹಳೆ ದ್ವೇಷದ ಹಿನ್ನೆಲೆಯಲ್ಲಿ ಸ್ನೇಹಿತನ ಹತ್ಯೆ: ಐವರ ಬಂಧನ
ಮೈಸೂರು, ಸೆ.3(ಎಂಕೆ)- ಮೈಸೂರಿನ ಕ್ಯಾತಮಾರನಹಳ್ಳಿಯ ಪಾಳುಬಿದ್ದ ಕಟ್ಟಡ ಬಳಿ ಹಳೆ ದ್ವೇಷದ ಹಿನ್ನೆಲೆಯಲ್ಲಿ ಸ್ನೇಹಿತನನ್ನೇ ಮಾರಕಾಸ್ತ್ರಗಳಿಂದ ಹತ್ಯೆಗೈದಿದ್ದ ಐವರು ಆರೋಪಿಗಳನ್ನು ಉದಯಗಿರಿ ಠಾಣೆ ಪೊಲೀಸರು ಬಂಧಿಸಿದ್ದಾರೆ. ಆ.31ರ ರಾತ್ರಿ ಸುಮಾರು 9.30ರಲ್ಲಿ ಈ ಘಟನೆ ನಡೆದಿತ್ತು. ಕೊಲೆಯಾದ ಯುವಕ ಸ್ಥಳೀಯ ನಿವಾಸಿ ಎಂದು ಗುರುತಿಸಲಾಗಿದೆ. ಘಟನೆ ನಡೆದ ಕೆಲವೇ ಗಂಟೆಗಳಲ್ಲಿ ಪ್ರಕರಣ ಭೇದಿಸಿದ ಪೊಲೀಸರು ಆರೋಪಿಗಳನ್ನು ನ್ಯಾಯಾಂಗ ಬಂಧನಕ್ಕೆ ಒಪ್ಪಿಸಿದ್ದಾರೆ. ಕಾರ್ಯಾಚರಣೆಯಲ್ಲಿ ಇನ್ಸ್‌ಪೆಕ್ಟರ್ ಸೇರಿದಂತೆ ಸಿಬ್ಬಂದಿ ಭಾಗವಹಿಸಿದ್ದರು.
Printed by T.S. Gopinath, Published by M. Govinde Gowda on behalf of Academy Newspapers Private Limited, 15-C Industrial 'A' Layout, Bannimantap, Mysore-570 015 and Printed at Academy Newspapers Private Limited, 15-C Industrial 'A' Layout, Bannimantap, Mysore-570 015 and Published at 15-C Industrial 'A' Layout, Bannimantap, Mysore-570 015, Editor: M. Govinde Gowda Ph: 2496520 / 2496521 / 2496526 / 2496527 / 2496528. Fax: 0821-2496525. CITY OFFICES: Visveswaraya Building, III Floor, K.R. CIRCLE, MYSORE-570 001, Ph: 2431774 and No. 114, D. DEVARAJ URS ROAD (Opposite Big Bus), MYSORE-570 001. Ph: 2428695. RNI Reg. No. 36581 / 1980 E-mail address: news@mysurumithra.com. For advertisements: ad@mysurumithra.com, website: www.mysurumithra.com
